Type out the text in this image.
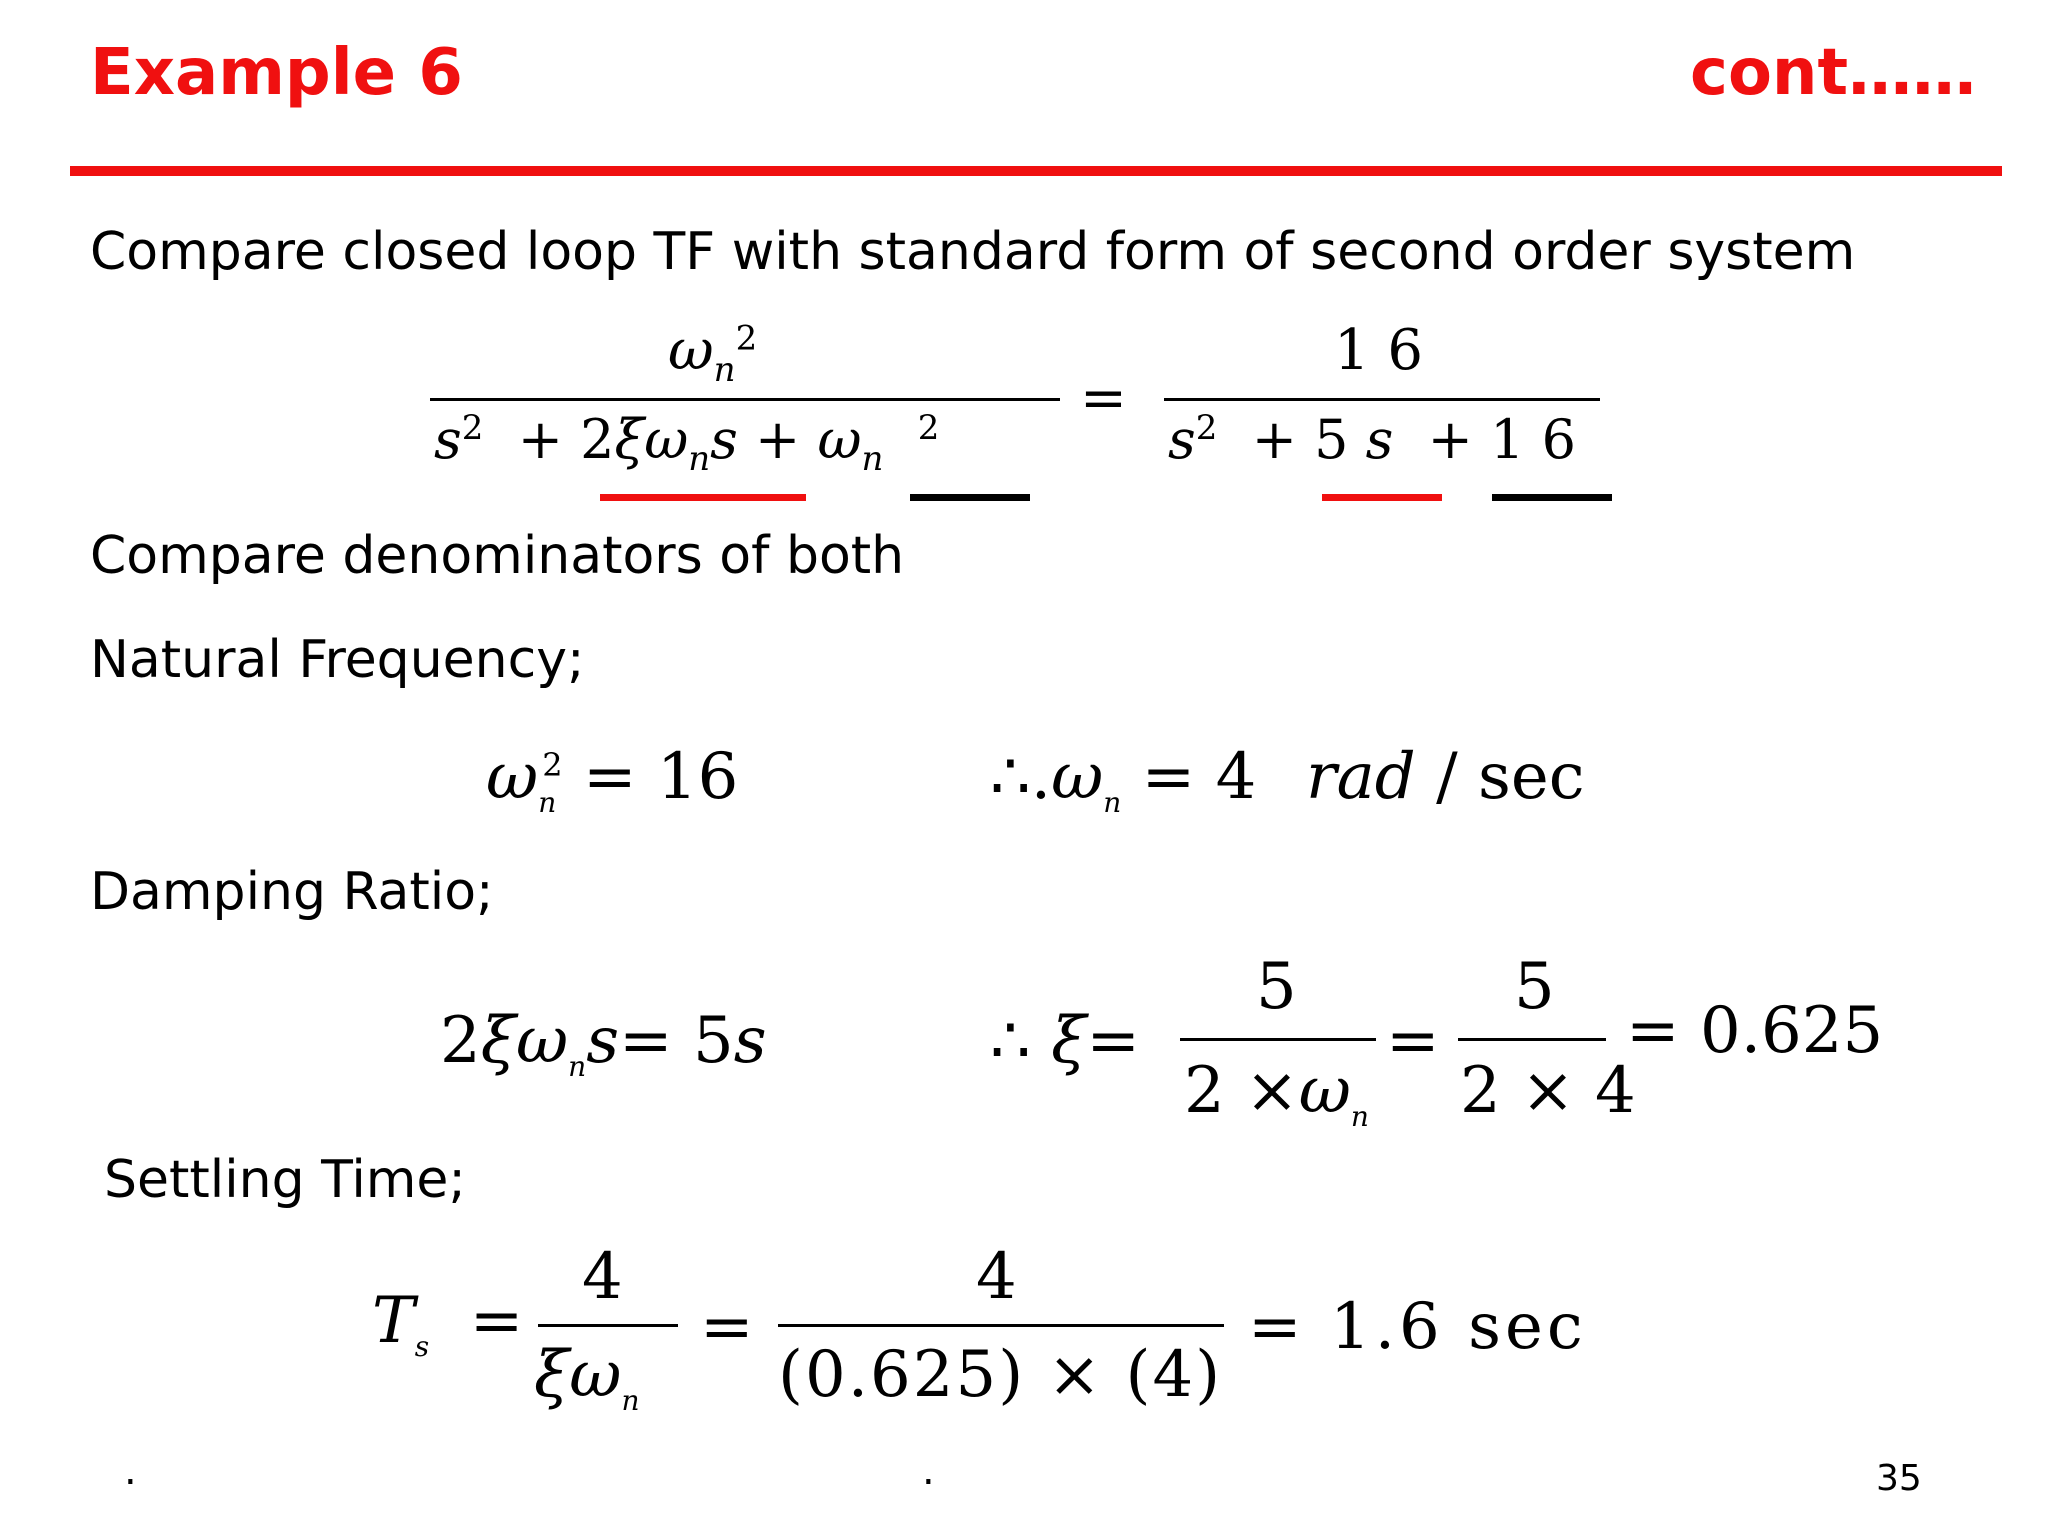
Example 6	cont……
Compare closed loop TF with standard form of second order system
$\omega_n^2$
$s^2 + 2\xi\omega_ns + \omega_n$  $^2$	=
1 6
$s^2 + 5$ s  + 1 6
Compare denominators of both
Natural Frequency;
$\omega_n^2 = 16$	$\therefore.\omega_n = 4$ rad / sec
Damping Ratio;
$2\xi\omega_ns= 5s$	∴ ξ=
5
$2 \times\omega_n$
=
5
2 × 4
= 0.625
Settling Time;
$T_s$  =
4
$\xi\omega_n$
=
4
(0.625) × (4)
= 1.6 sec
.	.	35
